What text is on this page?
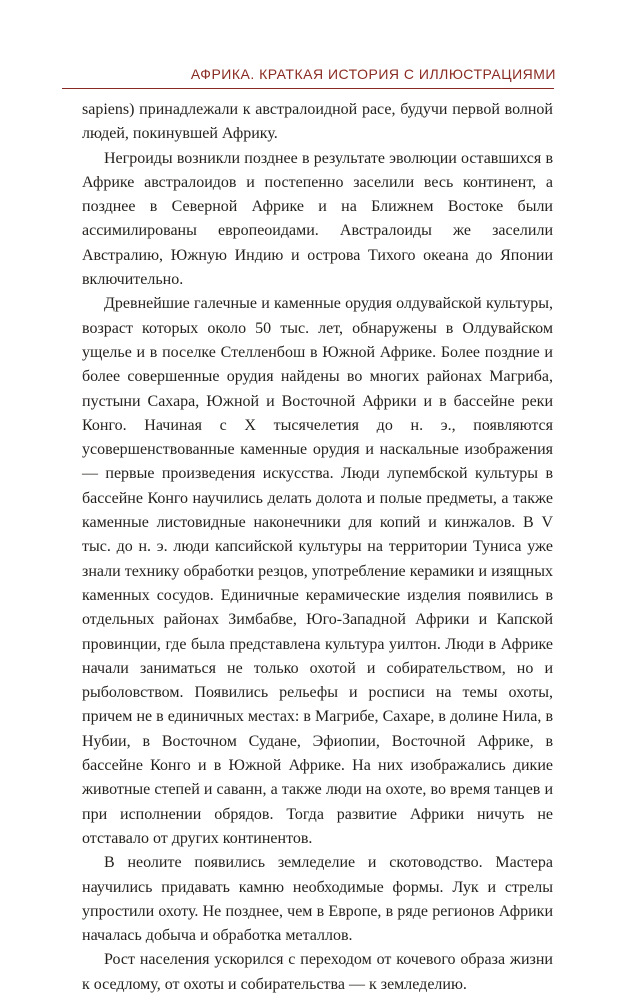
АФРИКА. КРАТКАЯ ИСТОРИЯ С ИЛЛЮСТРАЦИЯМИ

sapiens) принадлежали к австралоидной расе, будучи первой волной людей, покинувшей Африку.

Негроиды возникли позднее в результате эволюции оставшихся в Африке австралоидов и постепенно заселили весь континент, а позднее в Северной Африке и на Ближнем Востоке были ассимилированы европеоидами. Австралоиды же заселили Австралию, Южную Индию и острова Тихого океана до Японии включительно.

Древнейшие галечные и каменные орудия олдувайской культуры, возраст которых около 50 тыс. лет, обнаружены в Олдувайском ущелье и в поселке Стелленбош в Южной Африке. Более поздние и более совершенные орудия найдены во многих районах Магриба, пустыни Сахара, Южной и Восточной Африки и в бассейне реки Конго. Начиная с X тысячелетия до н. э., появляются усовершенствованные каменные орудия и наскальные изображения — первые произведения искусства. Люди лупембской культуры в бассейне Конго научились делать долота и полые предметы, а также каменные листовидные наконечники для копий и кинжалов. В V тыс. до н. э. люди капсийской культуры на территории Туниса уже знали технику обработки резцов, употребление керамики и изящных каменных сосудов. Единичные керамические изделия появились в отдельных районах Зимбабве, Юго-Западной Африки и Капской провинции, где была представлена культура уилтон. Люди в Африке начали заниматься не только охотой и собирательством, но и рыболовством. Появились рельефы и росписи на темы охоты, причем не в единичных местах: в Магрибе, Сахаре, в долине Нила, в Нубии, в Восточном Судане, Эфиопии, Восточной Африке, в бассейне Конго и в Южной Африке. На них изображались дикие животные степей и саванн, а также люди на охоте, во время танцев и при исполнении обрядов. Тогда развитие Африки ничуть не отставало от других континентов.

В неолите появились земледелие и скотоводство. Мастера научились придавать камню необходимые формы. Лук и стрелы упростили охоту. Не позднее, чем в Европе, в ряде регионов Африки началась добыча и обработка металлов.

Рост населения ускорился с переходом от кочевого образа жизни к оседлому, от охоты и собирательства — к земледелию.
